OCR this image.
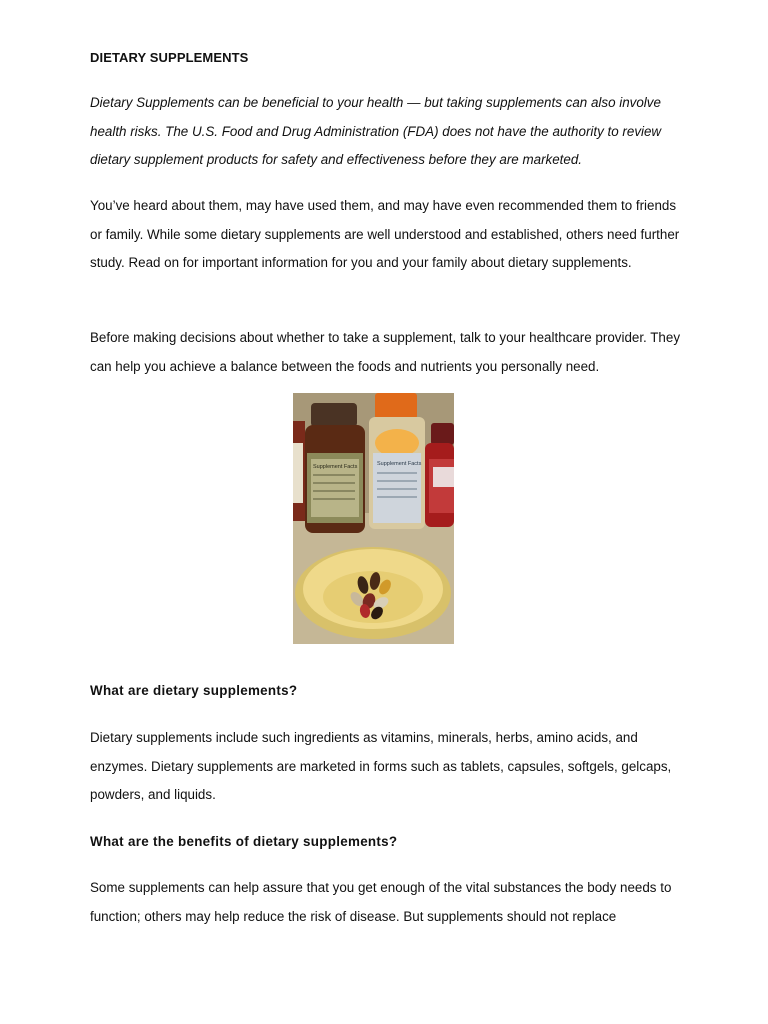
DIETARY SUPPLEMENTS
Dietary Supplements can be beneficial to your health — but taking supplements can also involve health risks. The U.S. Food and Drug Administration (FDA) does not have the authority to review dietary supplement products for safety and effectiveness before they are marketed.
You’ve heard about them, may have used them, and may have even recommended them to friends or family. While some dietary supplements are well understood and established, others need further study. Read on for important information for you and your family about dietary supplements.
Before making decisions about whether to take a supplement, talk to your healthcare provider. They can help you achieve a balance between the foods and nutrients you personally need.
Supplement Facts	Supplement Facts
What are dietary supplements?
Dietary supplements include such ingredients as vitamins, minerals, herbs, amino acids, and enzymes. Dietary supplements are marketed in forms such as tablets, capsules, softgels, gelcaps, powders, and liquids.
What are the benefits of dietary supplements?
Some supplements can help assure that you get enough of the vital substances the body needs to function; others may help reduce the risk of disease. But supplements should not replace
